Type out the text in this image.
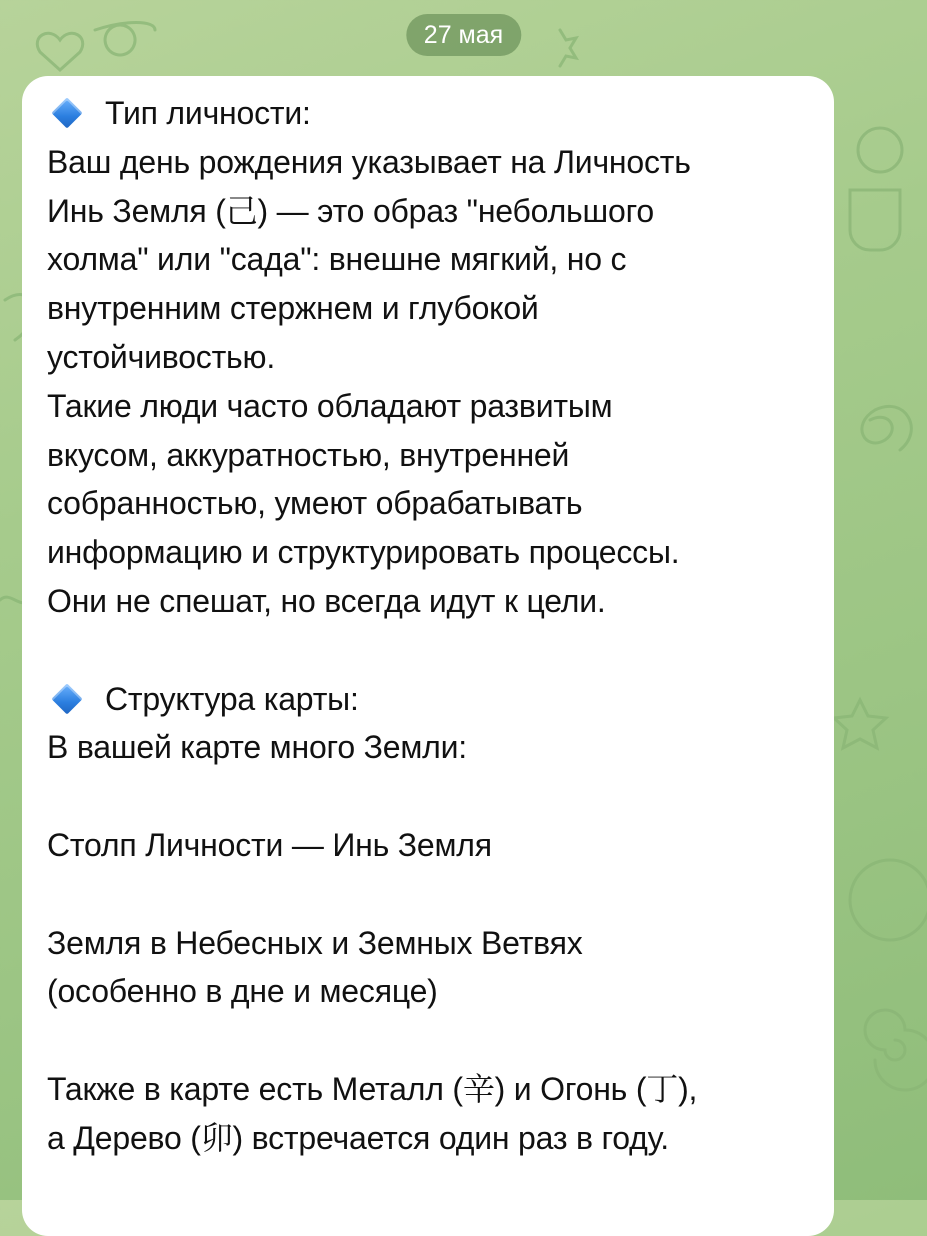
27 мая
Тип личности:
Ваш день рождения указывает на Личность
Инь Земля (己) — это образ "небольшого
холма" или "сада": внешне мягкий, но с
внутренним стержнем и глубокой
устойчивостью.
Такие люди часто обладают развитым
вкусом, аккуратностью, внутренней
собранностью, умеют обрабатывать
информацию и структурировать процессы.
Они не спешат, но всегда идут к цели.
Структура карты:
В вашей карте много Земли:
Столп Личности — Инь Земля
Земля в Небесных и Земных Ветвях
(особенно в дне и месяце)
Также в карте есть Металл (辛) и Огонь (丁),
а Дерево (卯) встречается один раз в году.
